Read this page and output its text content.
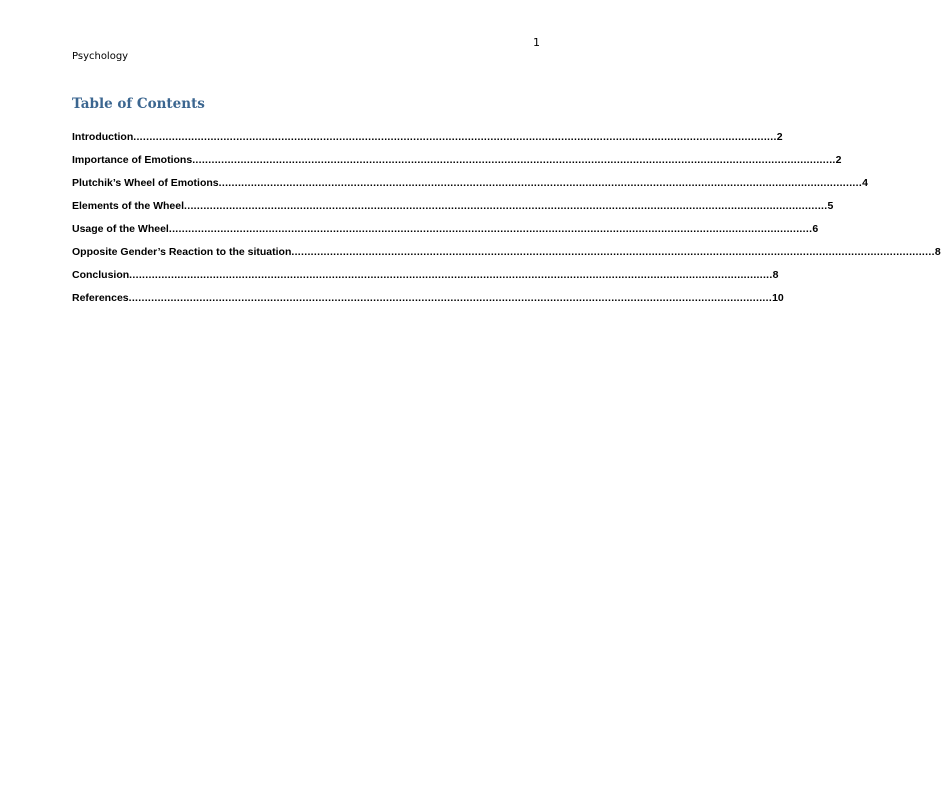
1
Psychology
Table of Contents
Introduction ........................................................................................................................................................................................................ 2
Importance of Emotions ........................................................................................................................................................................................................ 2
Plutchik’s Wheel of Emotions ........................................................................................................................................................................................................ 4
Elements of the Wheel ........................................................................................................................................................................................................ 5
Usage of the Wheel ........................................................................................................................................................................................................ 6
Opposite Gender’s Reaction to the situation ........................................................................................................................................................................................................ 8
Conclusion ........................................................................................................................................................................................................ 8
References ........................................................................................................................................................................................................ 10
